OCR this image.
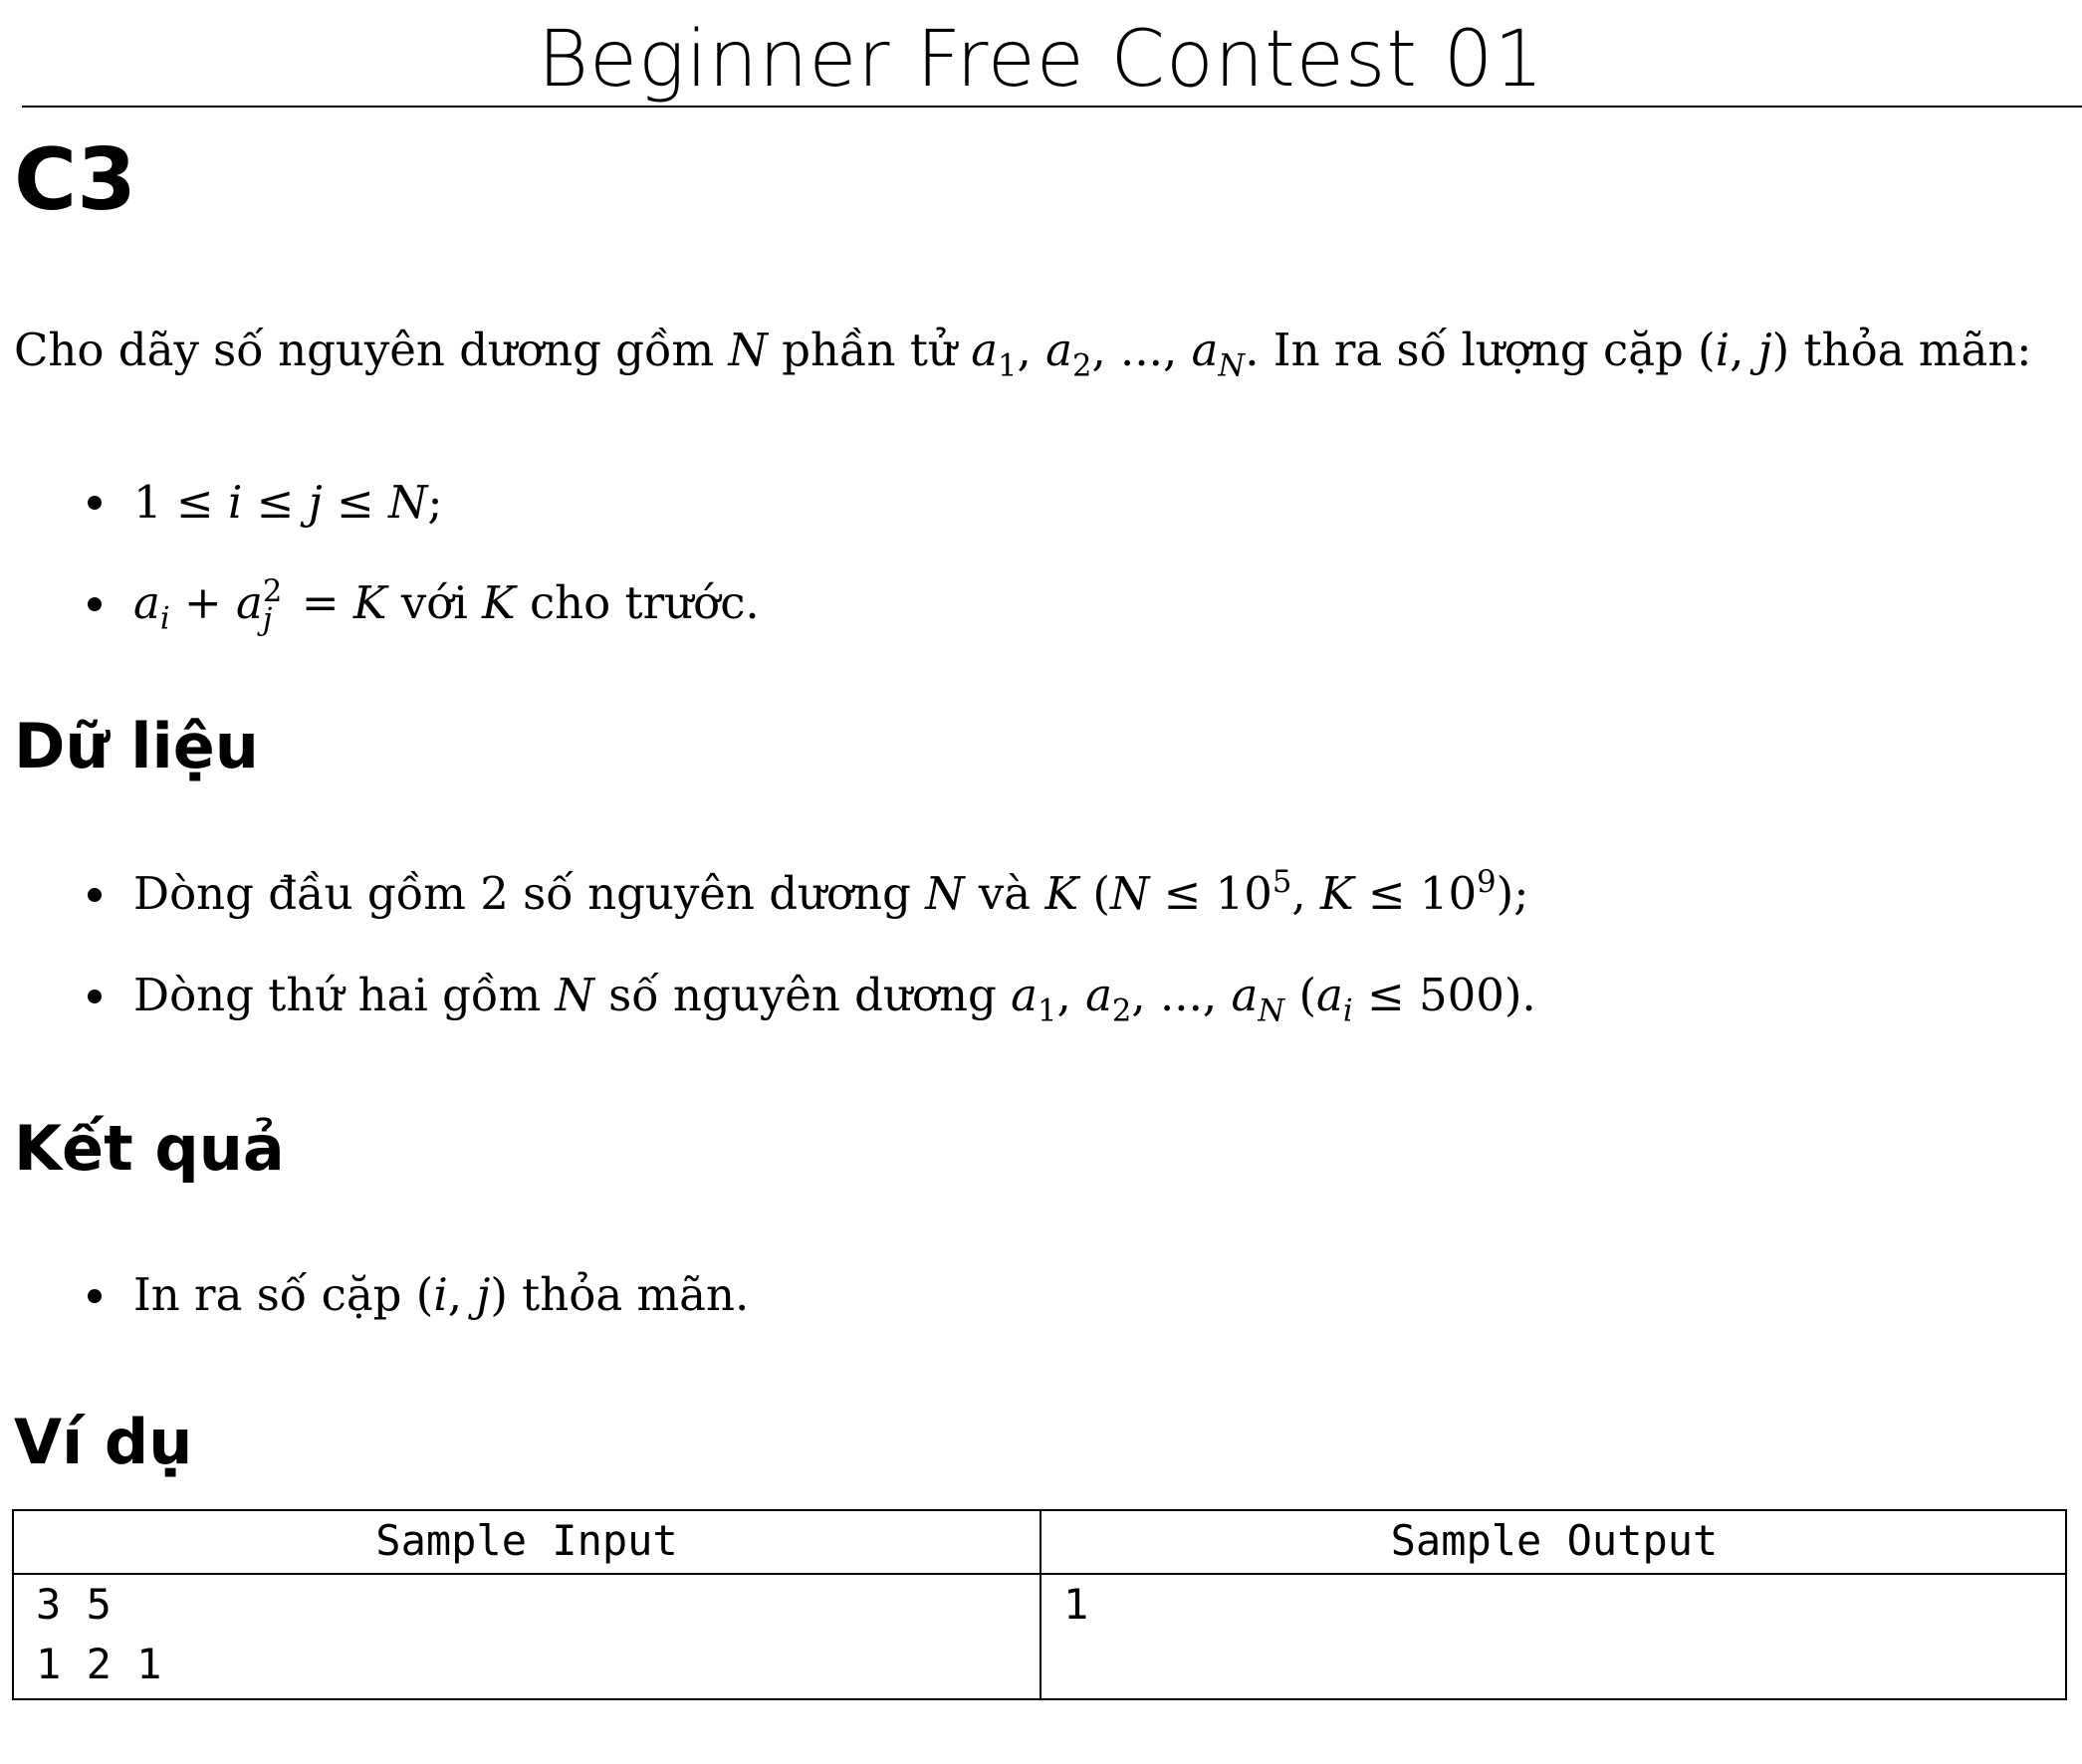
Beginner Free Contest 01
C3
Cho dãy số nguyên dương gồm N phần tử $a_1$, $a_2$, ..., $a_N$. In ra số lượng cặp (i, j) thỏa mãn:
1 ≤ i ≤ j ≤ N;
$a_i + a$ 2
j = K với K cho trước.
Dữ liệu
Dòng đầu gồm 2 số nguyên dương N và K ($N \le 10^5$, $K \le 10^9$);
Dòng thứ hai gồm N số nguyên dương $a_1$, $a_2$, ..., $a_N$ $(a_i \le 500)$.
Kết quả
In ra số cặp (i, j) thỏa mãn.
Ví dụ
Sample Input	Sample Output
3 5
1 2 1
1
